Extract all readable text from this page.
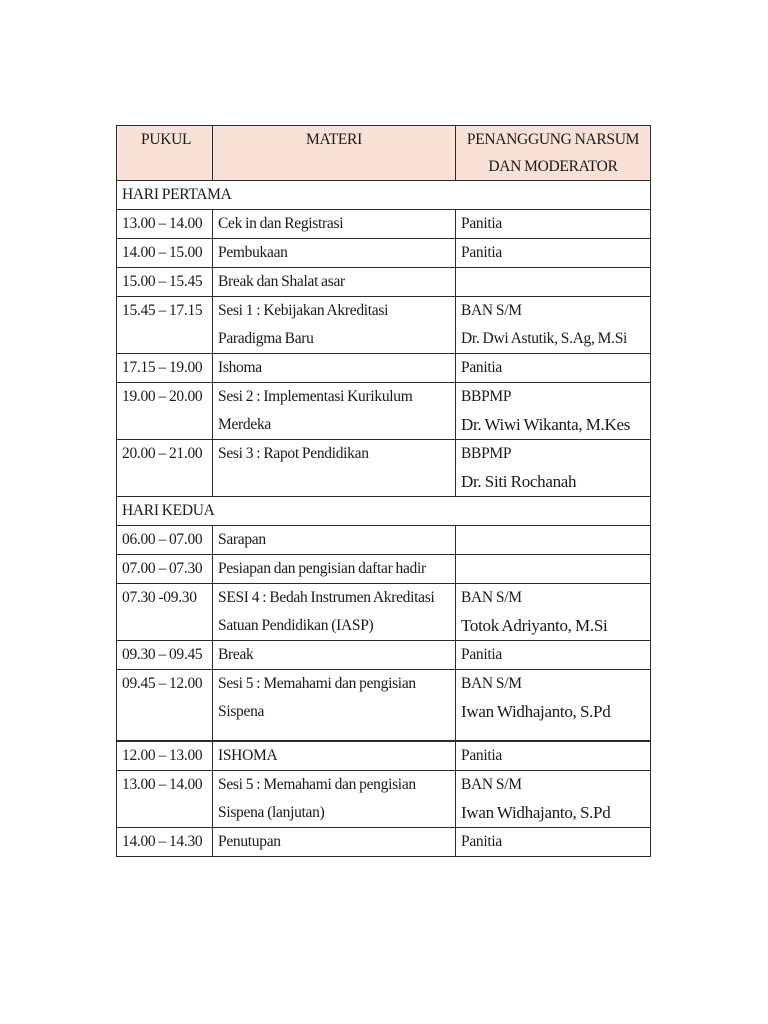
PUKUL	MATERI	PENANGGUNG NARSUM
DAN MODERATOR

HARI PERTAMA		
13.00 – 14.00	Cek in dan Registrasi	Panitia
14.00 – 15.00	Pembukaan	Panitia
15.00 – 15.45	Break dan Shalat asar	
15.45 – 17.15	Sesi 1 : Kebijakan Akreditasi Paradigma Baru	BAN S/M
Dr. Dwi Astutik, S.Ag, M.Si

17.15 – 19.00	Ishoma	Panitia
19.00 – 20.00	Sesi 2 : Implementasi Kurikulum Merdeka	BBPMP
Dr. Wiwi Wikanta, M.Kes

20.00 – 21.00	Sesi 3 : Rapot Pendidikan	BBPMP
Dr. Siti Rochanah

HARI KEDUA		
06.00 – 07.00	Sarapan	
07.00 – 07.30	Pesiapan dan pengisian daftar hadir	
07.30 -09.30	SESI 4 : Bedah Instrumen Akreditasi Satuan Pendidikan (IASP)	BAN S/M
Totok Adriyanto, M.Si

09.30 – 09.45	Break	Panitia
09.45 – 12.00	Sesi 5 : Memahami dan pengisian Sispena	BAN S/M
Iwan Widhajanto, S.Pd

12.00 – 13.00	ISHOMA	Panitia
13.00 – 14.00	Sesi 5 : Memahami dan pengisian Sispena (lanjutan)	BAN S/M
Iwan Widhajanto, S.Pd

14.00 – 14.30	Penutupan	Panitia
